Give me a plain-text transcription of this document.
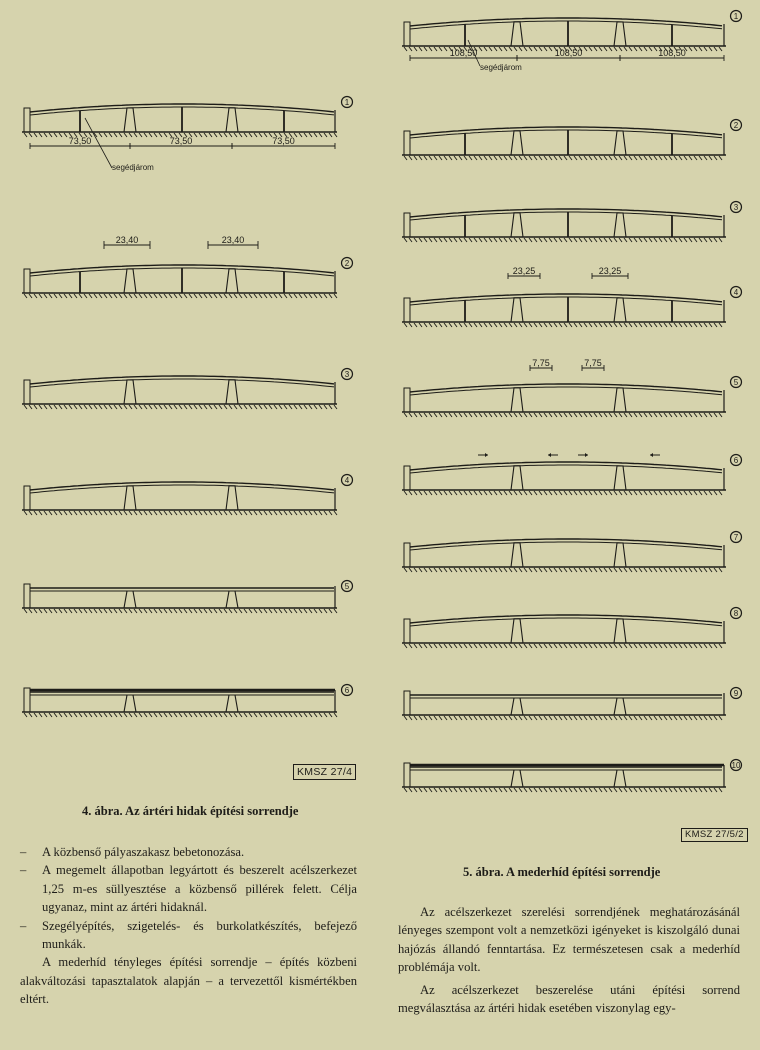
1
73,50	73,50	73,50
segédjárom
2
23,40	23,40
3
4
5
6
1
108,50	108,50	108,50
segédjárom
2
3
4
23,25	23,25
5
7,75	7,75
6
7
8
9
10
4. ábra. Az ártéri hidak építési sorrendje
KMSZ 27/4
5. ábra. A mederhíd építési sorrendje
KMSZ 27/5/2

– A közbenső pályaszakasz bebetonozása.

– A megemelt állapotban legyártott és beszerelt acélszerkezet 1,25 m-es süllyesztése a közbenső pillérek felett. Célja ugyanaz, mint az ártéri hidaknál.

– Szegélyépítés, szigetelés- és burkolatkészítés, befejező munkák.

A mederhíd tényleges építési sorrendje – építés közbeni alakváltozási tapasztalatok alapján – a tervezettől kismértékben eltért.

Az acélszerkezet szerelési sorrendjének meghatározásánál lényeges szempont volt a nemzetközi igényeket is kiszolgáló dunai hajózás állandó fenntartása. Ez természetesen csak a mederhíd problémája volt.

Az acélszerkezet beszerelése utáni építési sorrend megválasztása az ártéri hidak esetében viszonylag egy-
